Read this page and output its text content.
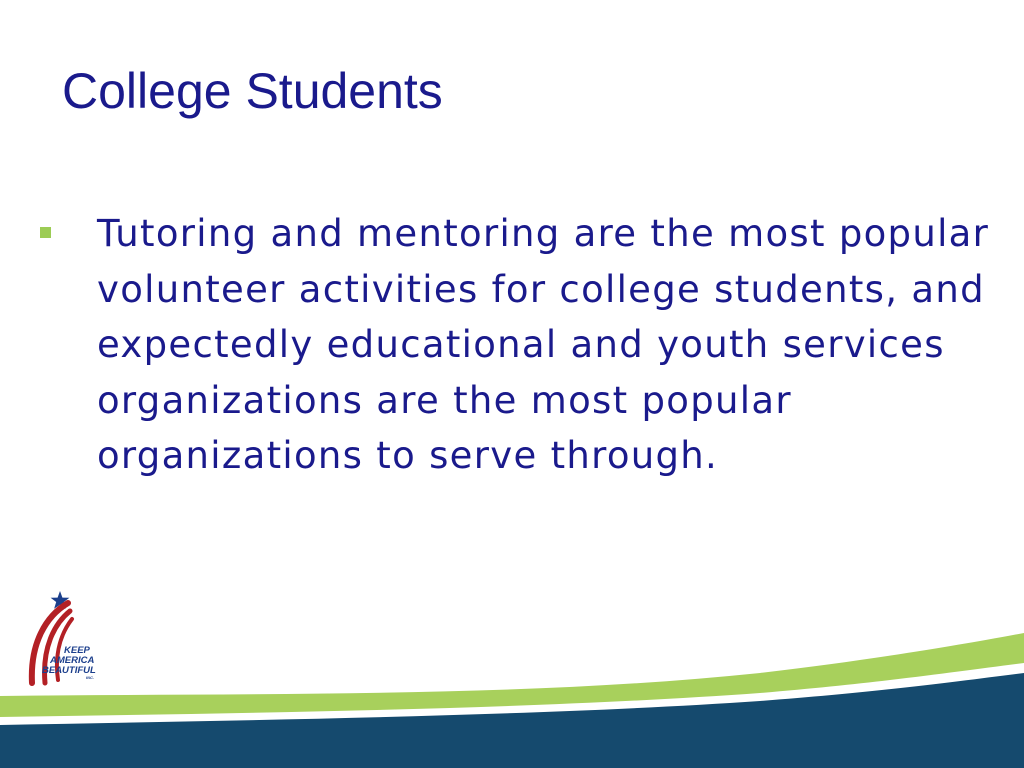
College Students
Tutoring and mentoring are the most popular volunteer activities for college students, and expectedly educational and youth services organizations are the most popular organizations to serve through.
KEEP
AMERICA
BEAUTIFUL
INC.
